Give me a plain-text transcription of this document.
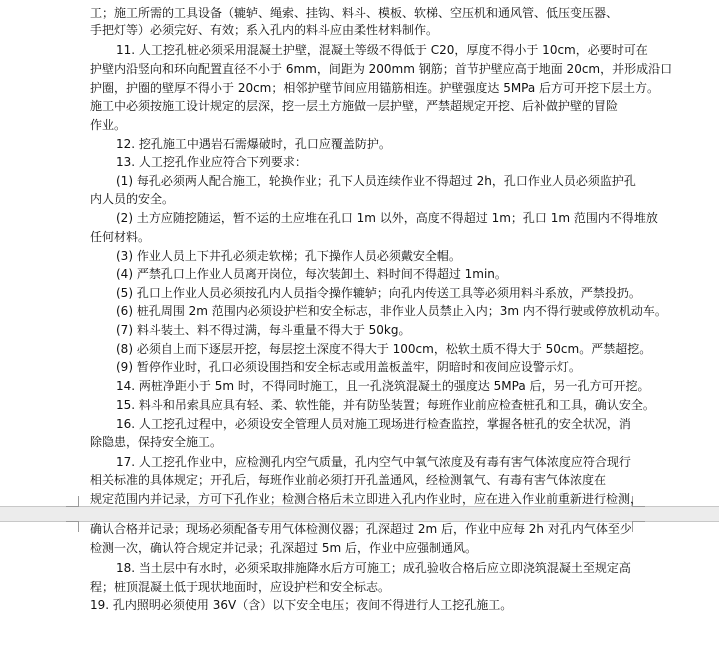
工；施工所需的工具设备（辘轳、绳索、挂钩、料斗、模板、软梯、空压机和通风管、低压变压器、

手把灯等）必须完好、有效；系入孔内的料斗应由柔性材料制作。

11. 人工挖孔桩必须采用混凝土护壁，混凝土等级不得低于 C20，厚度不得小于 10cm，必要时可在

护壁内沿竖向和环向配置直径不小于 6mm，间距为 200mm 钢筋；首节护壁应高于地面 20cm，并形成沿口

护圈，护圈的壁厚不得小于 20cm；相邻护壁节间应用锚筋相连。护壁强度达 5MPa 后方可开挖下层土方。

施工中必须按施工设计规定的层深，挖一层土方施做一层护壁，严禁超规定开挖、后补做护壁的冒险

作业。

12. 挖孔施工中遇岩石需爆破时，孔口应覆盖防护。

13. 人工挖孔作业应符合下列要求：

(1) 每孔必须两人配合施工，轮换作业；孔下人员连续作业不得超过 2h，孔口作业人员必须监护孔

内人员的安全。

(2) 土方应随挖随运，暂不运的土应堆在孔口 1m 以外，高度不得超过 1m；孔口 1m 范围内不得堆放

任何材料。

(3) 作业人员上下井孔必须走软梯；孔下操作人员必须戴安全帽。

(4) 严禁孔口上作业人员离开岗位，每次装卸土、料时间不得超过 1min。

(5) 孔口上作业人员必须按孔内人员指令操作辘轳；向孔内传送工具等必须用料斗系放，严禁投扔。

(6) 桩孔周围 2m 范围内必须设护栏和安全标志，非作业人员禁止入内；3m 内不得行驶或停放机动车。

(7) 料斗装土、料不得过满，每斗重量不得大于 50kg。

(8) 必须自上而下逐层开挖，每层挖土深度不得大于 100cm，松软土质不得大于 50cm。严禁超挖。

(9) 暂停作业时，孔口必须设围挡和安全标志或用盖板盖牢，阴暗时和夜间应设警示灯。

14. 两桩净距小于 5m 时，不得同时施工，且一孔浇筑混凝土的强度达 5MPa 后，另一孔方可开挖。

15. 料斗和吊索具应具有轻、柔、软性能，并有防坠装置；每班作业前应检查桩孔和工具，确认安全。

16. 人工挖孔过程中，必须设安全管理人员对施工现场进行检查监控，掌握各桩孔的安全状况，消

除隐患，保持安全施工。

17. 人工挖孔作业中，应检测孔内空气质量，孔内空气中氧气浓度及有毒有害气体浓度应符合现行

相关标准的具体规定；开孔后，每班作业前必须打开孔盖通风，经检测氧气、有毒有害气体浓度在

规定范围内并记录，方可下孔作业；检测合格后未立即进入孔内作业时，应在进入作业前重新进行检测，

确认合格并记录；现场必须配备专用气体检测仪器；孔深超过 2m 后，作业中应每 2h 对孔内气体至少

检测一次，确认符合规定并记录；孔深超过 5m 后，作业中应强制通风。

18. 当土层中有水时，必须采取排施降水后方可施工；成孔验收合格后应立即浇筑混凝土至规定高

程；桩顶混凝土低于现状地面时，应设护栏和安全标志。

19. 孔内照明必须使用 36V（含）以下安全电压；夜间不得进行人工挖孔施工。
